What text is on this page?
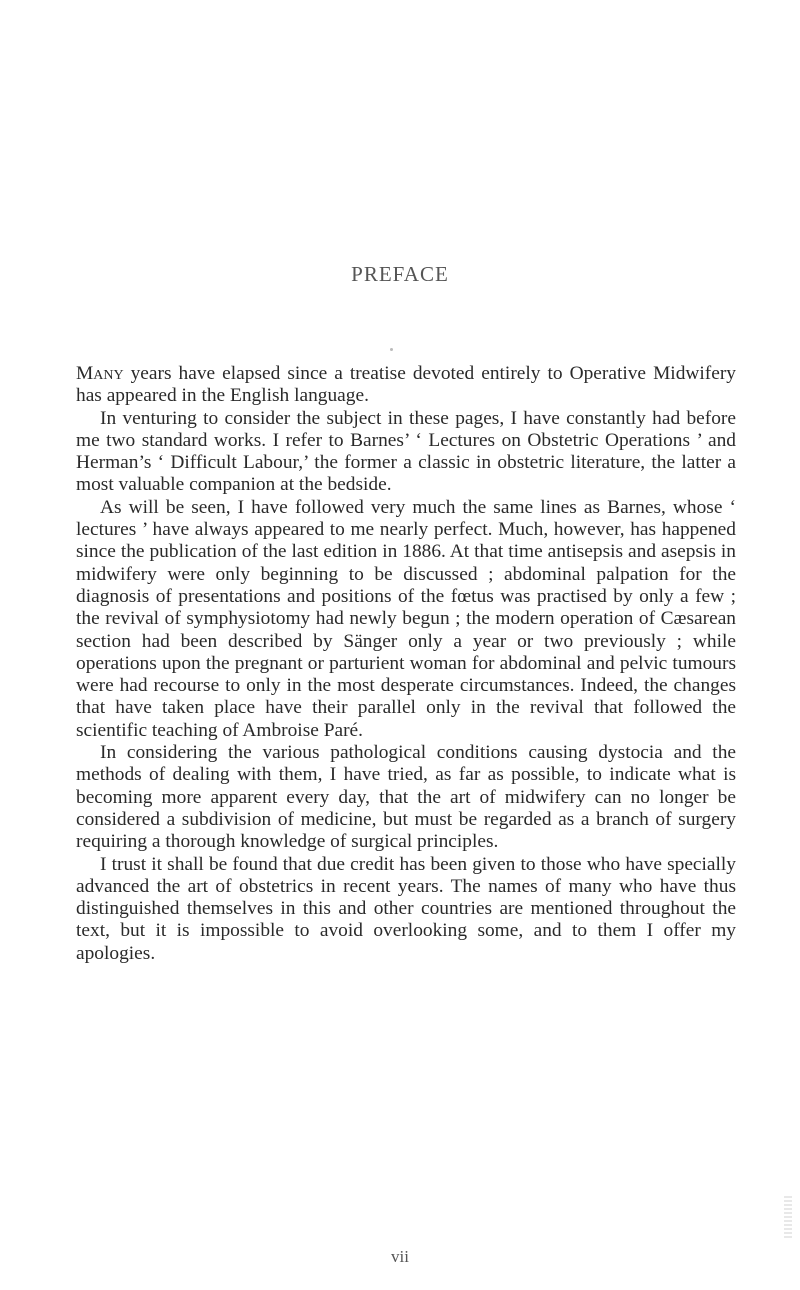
PREFACE

Many years have elapsed since a treatise devoted entirely to Operative Midwifery has appeared in the English language.

In venturing to consider the subject in these pages, I have constantly had before me two standard works. I refer to Barnes’ ‘ Lectures on Obstetric Operations ’ and Herman’s ‘ Difficult Labour,’ the former a classic in obstetric literature, the latter a most valuable companion at the bedside.

As will be seen, I have followed very much the same lines as Barnes, whose ‘ lectures ’ have always appeared to me nearly perfect. Much, however, has happened since the publication of the last edition in 1886. At that time antisepsis and asepsis in midwifery were only beginning to be discussed ; abdominal palpation for the diagnosis of presentations and positions of the fœtus was practised by only a few ; the revival of symphysiotomy had newly begun ; the modern operation of Cæsarean section had been described by Sänger only a year or two previously ; while operations upon the pregnant or parturient woman for abdominal and pelvic tumours were had recourse to only in the most desperate circumstances. Indeed, the changes that have taken place have their parallel only in the revival that followed the scientific teaching of Ambroise Paré.

In considering the various pathological conditions causing dystocia and the methods of dealing with them, I have tried, as far as possible, to indicate what is becoming more apparent every day, that the art of midwifery can no longer be considered a subdivision of medicine, but must be regarded as a branch of surgery requiring a thorough knowledge of surgical principles.

I trust it shall be found that due credit has been given to those who have specially advanced the art of obstetrics in recent years. The names of many who have thus distinguished themselves in this and other countries are mentioned throughout the text, but it is impossible to avoid overlooking some, and to them I offer my apologies.

vii
